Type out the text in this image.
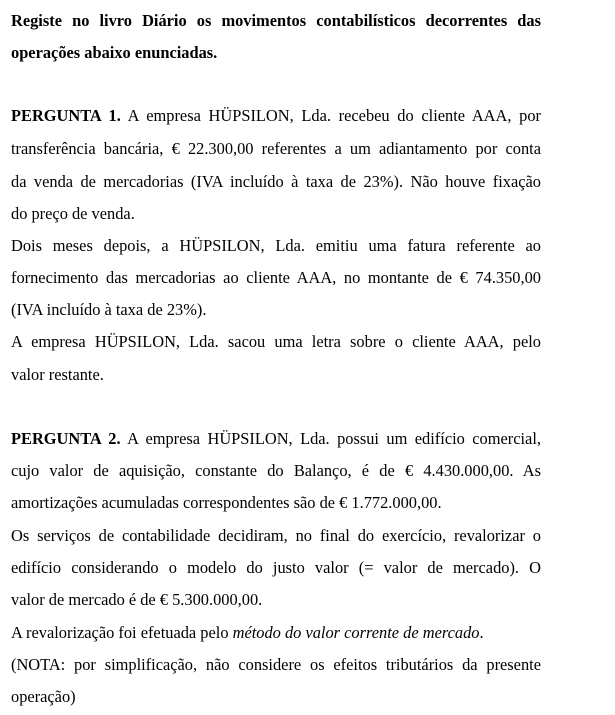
Registe no livro Diário os movimentos contabilísticos decorrentes das
operações abaixo enunciadas.
PERGUNTA 1. A empresa HÜPSILON, Lda. recebeu do cliente AAA, por
transferência bancária, € 22.300,00 referentes a um adiantamento por conta
da venda de mercadorias (IVA incluído à taxa de 23%). Não houve fixação
do preço de venda.
Dois meses depois, a HÜPSILON, Lda. emitiu uma fatura referente ao
fornecimento das mercadorias ao cliente AAA, no montante de € 74.350,00
(IVA incluído à taxa de 23%).
A empresa HÜPSILON, Lda. sacou uma letra sobre o cliente AAA, pelo
valor restante.
PERGUNTA 2. A empresa HÜPSILON, Lda. possui um edifício comercial,
cujo valor de aquisição, constante do Balanço, é de € 4.430.000,00. As
amortizações acumuladas correspondentes são de € 1.772.000,00.
Os serviços de contabilidade decidiram, no final do exercício, revalorizar o
edifício considerando o modelo do justo valor (= valor de mercado). O
valor de mercado é de € 5.300.000,00.
A revalorização foi efetuada pelo método do valor corrente de mercado.
(NOTA: por simplificação, não considere os efeitos tributários da presente
operação)
